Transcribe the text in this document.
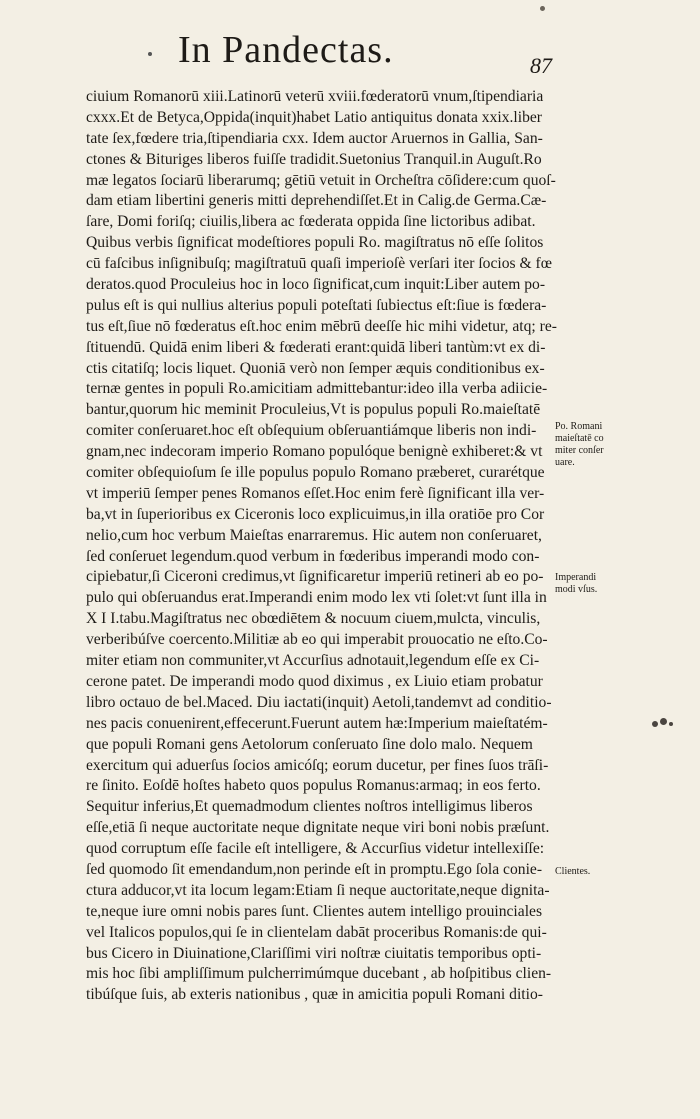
In Pandectas.	87
ciuium Romanorū xiii.Latinorū veterū xviii.fœderatorū vnum,ſtipendiaria
cxxx.Et de Betyca,Oppida(inquit)habet Latio antiquitus donata xxix.liber
tate ſex,fœdere tria,ſtipendiaria cxx. Idem auctor Aruernos in Gallia, San-
ctones & Bituriges liberos fuiſſe tradidit.Suetonius Tranquil.in Auguſt.Ro
mæ legatos ſociarū liberarumq; gētiū vetuit in Orcheſtra cōſidere:cum quoſ-
dam etiam libertini generis mitti deprehendiſſet.Et in Calig.de Germa.Cæ-
ſare, Domi foriſq; ciuilis,libera ac fœderata oppida ſine lictoribus adibat.
Quibus verbis ſignificat modeſtiores populi Ro. magiſtratus nō eſſe ſolitos
cū faſcibus inſignibuſq; magiſtratuū quaſi imperioſè verſari iter ſocios & fœ
deratos.quod Proculeius hoc in loco ſignificat,cum inquit:Liber autem po-
pulus eſt is qui nullius alterius populi poteſtati ſubiectus eſt:ſiue is fœdera-
tus eſt,ſiue nō fœderatus eſt.hoc enim mēbrū deeſſe hic mihi videtur, atq; re-
ſtituendū. Quidā enim liberi & fœderati erant:quidā liberi tantùm:vt ex di-
ctis citatiſq; locis liquet. Quoniā verò non ſemper æquis conditionibus ex-
ternæ gentes in populi Ro.amicitiam admittebantur:ideo illa verba adiicie-
bantur,quorum hic meminit Proculeius,Vt is populus populi Ro.maieſtatē
comiter conſeruaret.hoc eſt obſequium obſeruantiámque liberis non indi-
gnam,nec indecoram imperio Romano populóque benignè exhiberet:& vt
comiter obſequioſum ſe ille populus populo Romano præberet, curarétque
vt imperiū ſemper penes Romanos eſſet.Hoc enim ferè ſignificant illa ver-
ba,vt in ſuperioribus ex Ciceronis loco explicuimus,in illa oratiōe pro Cor
nelio,cum hoc verbum Maieſtas enarraremus. Hic autem non conſeruaret,
ſed conſeruet legendum.quod verbum in fœderibus imperandi modo con-
cipiebatur,ſi Ciceroni credimus,vt ſignificaretur imperiū retineri ab eo po-
pulo qui obſeruandus erat.Imperandi enim modo lex vti ſolet:vt ſunt illa in
X I I.tabu.Magiſtratus nec obœdiētem & nocuum ciuem,mulcta, vinculis,
verberibúſve coercento.Militiæ ab eo qui imperabit prouocatio ne eſto.Co-
miter etiam non communiter,vt Accurſius adnotauit,legendum eſſe ex Ci-
cerone patet. De imperandi modo quod diximus , ex Liuio etiam probatur
libro octauo de bel.Maced. Diu iactati(inquit) Aetoli,tandemvt ad conditio-
nes pacis conuenirent,effecerunt.Fuerunt autem hæ:Imperium maieſtatém-
que populi Romani gens Aetolorum conſeruato ſine dolo malo. Nequem
exercitum qui aduerſus ſocios amicóſq; eorum ducetur, per fines ſuos trāſi-
re ſinito. Eoſdē hoſtes habeto quos populus Romanus:armaq; in eos ferto.
Sequitur inferius,Et quemadmodum clientes noſtros intelligimus liberos
eſſe,etiā ſi neque auctoritate neque dignitate neque viri boni nobis præſunt.
quod corruptum eſſe facile eſt intelligere, & Accurſius videtur intellexiſſe:
ſed quomodo ſit emendandum,non perinde eſt in promptu.Ego ſola conie-
ctura adducor,vt ita locum legam:Etiam ſi neque auctoritate,neque dignita-
te,neque iure omni nobis pares ſunt. Clientes autem intelligo prouinciales
vel Italicos populos,qui ſe in clientelam dabāt proceribus Romanis:de qui-
bus Cicero in Diuinatione,Clariſſimi viri noſtræ ciuitatis temporibus opti-
mis hoc ſibi ampliſſimum pulcherrimúmque ducebant , ab hoſpitibus clien-
tibúſque ſuis, ab exteris nationibus , quæ in amicitia populi Romani ditio-
Po. Romani
maieſtatē co
miter conſer
uare.
Imperandi
modi vſus.
Clientes.
